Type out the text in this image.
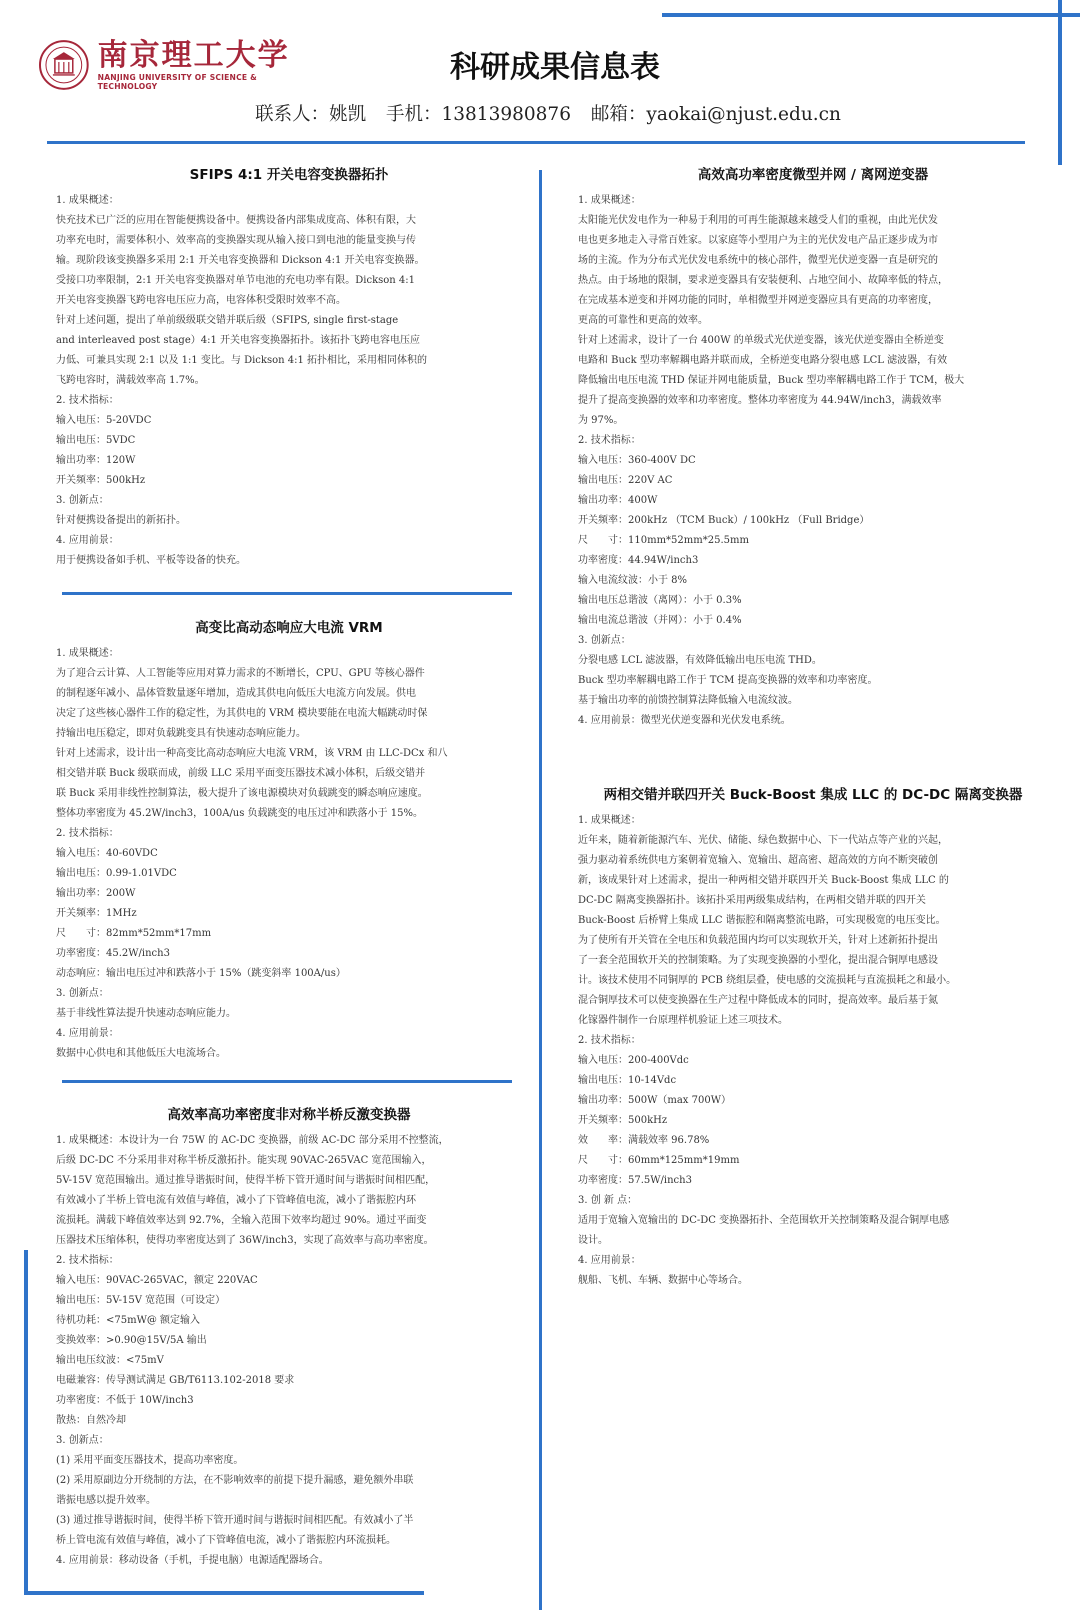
南京理工大学
NANJING UNIVERSITY OF SCIENCE & TECHNOLOGY
科研成果信息表
联系人：姚凯 手机：13813980876 邮箱：yaokai@njust.edu.cn
SFIPS 4:1 开关电容变换器拓扑
1. 成果概述：
快充技术已广泛的应用在智能便携设备中。便携设备内部集成度高、体积有限，大
功率充电时，需要体积小、效率高的变换器实现从输入接口到电池的能量变换与传
输。现阶段该变换器多采用 2:1 开关电容变换器和 Dickson 4:1 开关电容变换器。
受接口功率限制，2:1 开关电容变换器对单节电池的充电功率有限。Dickson 4:1
开关电容变换器飞跨电容电压应力高，电容体积受限时效率不高。
针对上述问题，提出了单前级级联交错并联后级（SFIPS, single first-stage
and interleaved post stage）4:1 开关电容变换器拓扑。该拓扑飞跨电容电压应
力低、可兼具实现 2:1 以及 1:1 变比。与 Dickson 4:1 拓扑相比，采用相同体积的
飞跨电容时，满载效率高 1.7%。
2. 技术指标：
输入电压：5-20VDC
输出电压：5VDC
输出功率：120W
开关频率：500kHz
3. 创新点：
针对便携设备提出的新拓扑。
4. 应用前景：
用于便携设备如手机、平板等设备的快充。
高变比高动态响应大电流 VRM
1. 成果概述：
为了迎合云计算、人工智能等应用对算力需求的不断增长，CPU、GPU 等核心器件
的制程逐年减小、晶体管数量逐年增加，造成其供电向低压大电流方向发展。供电
决定了这些核心器件工作的稳定性，为其供电的 VRM 模块要能在电流大幅跳动时保
持输出电压稳定，即对负载跳变具有快速动态响应能力。
针对上述需求，设计出一种高变比高动态响应大电流 VRM，该 VRM 由 LLC-DCx 和八
相交错并联 Buck 级联而成，前级 LLC 采用平面变压器技术减小体积，后级交错并
联 Buck 采用非线性控制算法，极大提升了该电源模块对负载跳变的瞬态响应速度。
整体功率密度为 45.2W/inch3，100A/us 负载跳变的电压过冲和跌落小于 15%。
2. 技术指标：
输入电压：40-60VDC
输出电压：0.99-1.01VDC
输出功率：200W
开关频率：1MHz
尺　　寸：82mm*52mm*17mm
功率密度：45.2W/inch3
动态响应：输出电压过冲和跌落小于 15%（跳变斜率 100A/us）
3. 创新点：
基于非线性算法提升快速动态响应能力。
4. 应用前景：
数据中心供电和其他低压大电流场合。
高效率高功率密度非对称半桥反激变换器
1. 成果概述：本设计为一台 75W 的 AC-DC 变换器，前级 AC-DC 部分采用不控整流，
后级 DC-DC 不分采用非对称半桥反激拓扑。能实现 90VAC-265VAC 宽范围输入，
5V-15V 宽范围输出。通过推导谐振时间，使得半桥下管开通时间与谐振时间相匹配，
有效减小了半桥上管电流有效值与峰值，减小了下管峰值电流，减小了谐振腔内环
流损耗。满载下峰值效率达到 92.7%，全输入范围下效率均超过 90%。通过平面变
压器技术压缩体积，使得功率密度达到了 36W/inch3，实现了高效率与高功率密度。
2. 技术指标：
输入电压：90VAC-265VAC，额定 220VAC
输出电压：5V-15V 宽范围（可设定）
待机功耗：<75mW@ 额定输入
变换效率：>0.90@15V/5A 输出
输出电压纹波：<75mV
电磁兼容：传导测试满足 GB/T6113.102-2018 要求
功率密度：不低于 10W/inch3
散热：自然冷却
3. 创新点：
(1) 采用平面变压器技术，提高功率密度。
(2) 采用原副边分开绕制的方法，在不影响效率的前提下提升漏感，避免额外串联
谐振电感以提升效率。
(3) 通过推导谐振时间，使得半桥下管开通时间与谐振时间相匹配。有效减小了半
桥上管电流有效值与峰值，减小了下管峰值电流，减小了谐振腔内环流损耗。
4. 应用前景：移动设备（手机，手提电脑）电源适配器场合。
高效高功率密度微型并网 / 离网逆变器
1. 成果概述：
太阳能光伏发电作为一种易于利用的可再生能源越来越受人们的重视，由此光伏发
电也更多地走入寻常百姓家。以家庭等小型用户为主的光伏发电产品正逐步成为市
场的主流。作为分布式光伏发电系统中的核心部件，微型光伏逆变器一直是研究的
热点。由于场地的限制，要求逆变器具有安装便利、占地空间小、故障率低的特点，
在完成基本逆变和并网功能的同时，单相微型并网逆变器应具有更高的功率密度，
更高的可靠性和更高的效率。
针对上述需求，设计了一台 400W 的单级式光伏逆变器，该光伏逆变器由全桥逆变
电路和 Buck 型功率解耦电路并联而成，全桥逆变电路分裂电感 LCL 滤波器，有效
降低输出电压电流 THD 保证并网电能质量，Buck 型功率解耦电路工作于 TCM，极大
提升了提高变换器的效率和功率密度。整体功率密度为 44.94W/inch3，满载效率
为 97%。
2. 技术指标：
输入电压：360-400V DC
输出电压：220V AC
输出功率：400W
开关频率：200kHz （TCM Buck）/ 100kHz （Full Bridge）
尺　　寸：110mm*52mm*25.5mm
功率密度：44.94W/inch3
输入电流纹波：小于 8%
输出电压总谐波（离网）：小于 0.3%
输出电流总谐波（并网）：小于 0.4%
3. 创新点：
分裂电感 LCL 滤波器，有效降低输出电压电流 THD。
Buck 型功率解耦电路工作于 TCM 提高变换器的效率和功率密度。
基于输出功率的前馈控制算法降低输入电流纹波。
4. 应用前景：微型光伏逆变器和光伏发电系统。
两相交错并联四开关 Buck-Boost 集成 LLC 的 DC-DC 隔离变换器
1. 成果概述：
近年来，随着新能源汽车、光伏、储能、绿色数据中心、下一代站点等产业的兴起，
强力驱动着系统供电方案朝着宽输入、宽输出、超高密、超高效的方向不断突破创
新，该成果针对上述需求，提出一种两相交错并联四开关 Buck-Boost 集成 LLC 的
DC-DC 隔离变换器拓扑。该拓扑采用两级集成结构，在两相交错并联的四开关
Buck-Boost 后桥臂上集成 LLC 谐振腔和隔离整流电路，可实现极宽的电压变比。
为了使所有开关管在全电压和负载范围内均可以实现软开关，针对上述新拓扑提出
了一套全范围软开关的控制策略。为了实现变换器的小型化，提出混合铜厚电感设
计。该技术使用不同铜厚的 PCB 绕组层叠，使电感的交流损耗与直流损耗之和最小。
混合铜厚技术可以使变换器在生产过程中降低成本的同时，提高效率。最后基于氮
化镓器件制作一台原理样机验证上述三项技术。
2. 技术指标：
输入电压：200-400Vdc
输出电压：10-14Vdc
输出功率：500W（max 700W）
开关频率：500kHz
效　　率：满载效率 96.78%
尺　　寸：60mm*125mm*19mm
功率密度：57.5W/inch3
3. 创 新 点：
适用于宽输入宽输出的 DC-DC 变换器拓扑、全范围软开关控制策略及混合铜厚电感
设计。
4. 应用前景：
舰船、飞机、车辆、数据中心等场合。
